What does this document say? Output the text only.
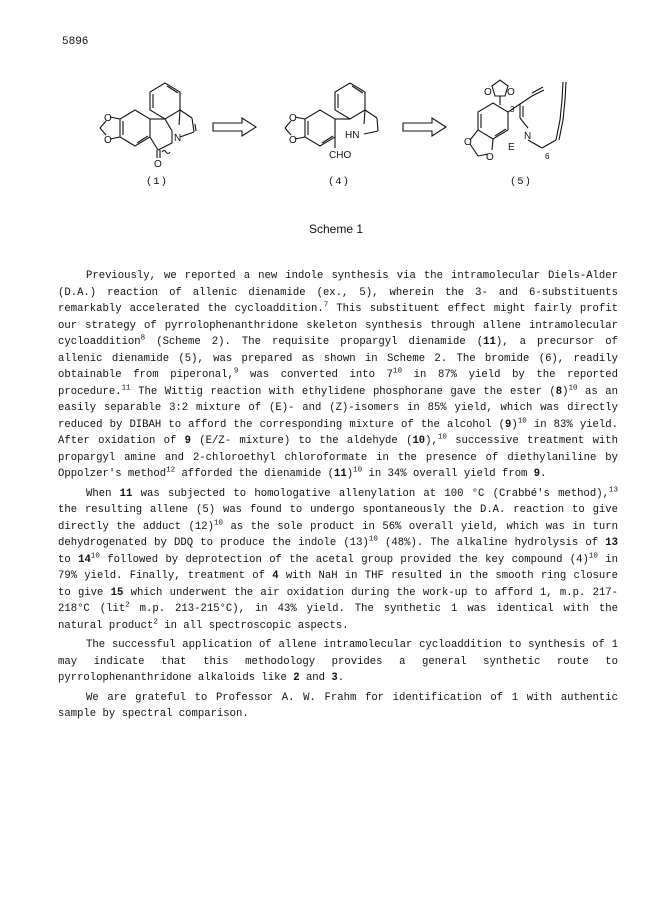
5896
O
O	N
O
O
O	HN
CHO
O O
O
O
N
E
3
6
(1)	(4)	(5)
Scheme 1

Previously, we reported a new indole synthesis via the intramolecular Diels-Alder (D.A.) reaction of allenic dienamide (ex., 5), wherein the 3- and 6-substituents remarkably accelerated the cycloaddition.$^7$ This substituent effect might fairly profit our strategy of pyrrolophenanthridone skeleton synthesis through allene intramolecular cycloaddition$^8$ (Scheme 2). The requisite propargyl dienamide (11), a precursor of allenic dienamide (5), was prepared as shown in Scheme 2. The bromide (6), readily obtainable from piperonal,$^9$ was converted into $7^{10}$ in 87% yield by the reported procedure.$^{11}$ The Wittig reaction with ethylidene phosphorane gave the ester $(8)^{10}$ as an easily separable 3:2 mixture of (E)- and (Z)-isomers in 85% yield, which was directly reduced by DIBAH to afford the corresponding mixture of the alcohol $(9)^{10}$ in 83% yield. After oxidation of 9 (E/Z- mixture) to the aldehyde (10),$^{10}$ successive treatment with propargyl amine and 2-chloroethyl chloroformate in the presence of diethylaniline by Oppolzer's method$^{12}$ afforded the dienamide $(11)^{10}$ in 34% overall yield from 9.

When 11 was subjected to homologative allenylation at 100 °C (Crabbé's method),$^{13}$ the resulting allene (5) was found to undergo spontaneously the D.A. reaction to give directly the adduct $(12)^{10}$ as the sole product in 56% overall yield, which was in turn dehydrogenated by DDQ to produce the indole $(13)^{10}$ (48%). The alkaline hydrolysis of 13 to $14^{10}$ followed by deprotection of the acetal group provided the key compound $(4)^{10}$ in 79% yield. Finally, treatment of 4 with NaH in THF resulted in the smooth ring closure to give 15 which underwent the air oxidation during the work-up to afford 1, m.p. 217-218°C (lit$^2$ m.p. 213-215°C), in 43% yield. The synthetic 1 was identical with the natural product$^2$ in all spectroscopic aspects.

The successful application of allene intramolecular cycloaddition to synthesis of 1 may indicate that this methodology provides a general synthetic route to pyrrolophenanthridone alkaloids like 2 and 3.

We are grateful to Professor A. W. Frahm for identification of 1 with authentic sample by spectral comparison.
